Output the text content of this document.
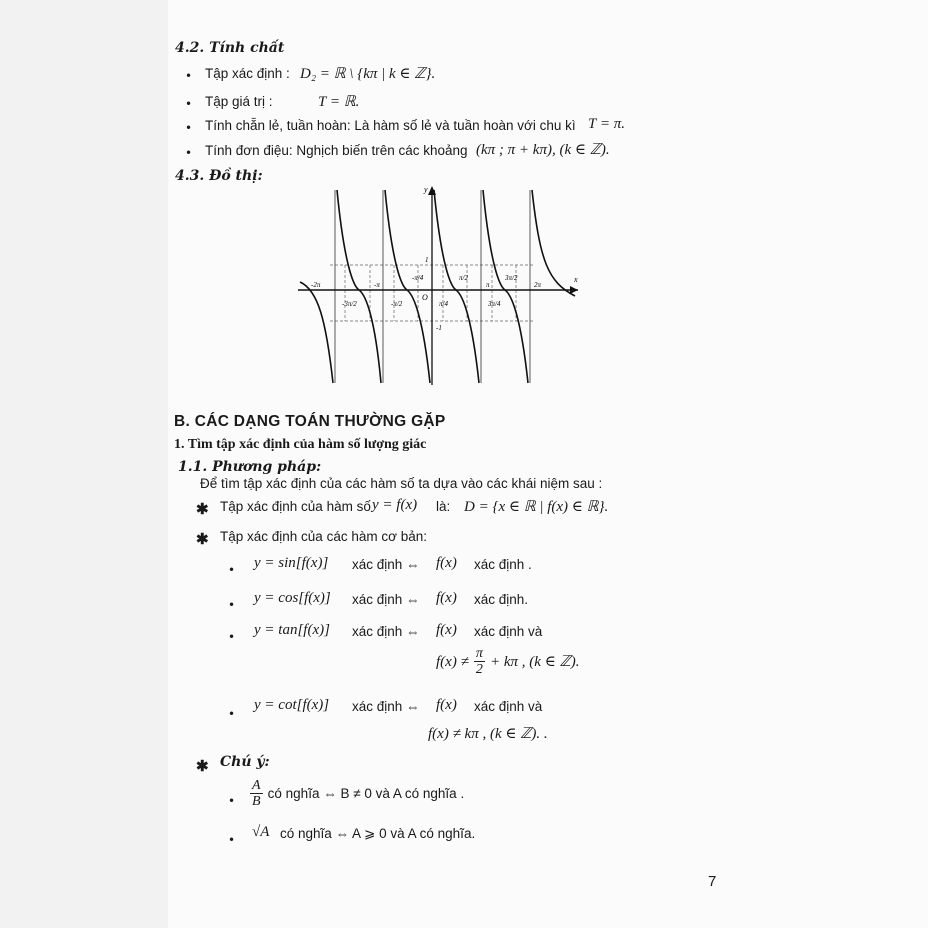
4.2. Tính chất
• Tập xác định : D₂ = ℝ \ {kπ | k ∈ ℤ}.
• Tập giá trị :	T = ℝ.
• Tính chẵn lẻ, tuần hoàn: Là hàm số lẻ và tuần hoàn với chu kì T = π.
• Tính đơn điệu: Nghịch biến trên các khoảng (kπ ; π + kπ), (k ∈ ℤ).
4.3. Đồ thị:
y
x
O
1
-1
-2π	-π
-π/4	π/2
π
3π/2
2π
-3π/2	-π/2	π/4	3π/4
B. CÁC DẠNG TOÁN THƯỜNG GẶP
1. Tìm tập xác định của hàm số lượng giác
1.1. Phương pháp:
Để tìm tập xác định của các hàm số ta dựa vào các khái niệm sau :
✱ Tập xác định của hàm số y = f(x) là: D = {x ∈ ℝ | f(x) ∈ ℝ}.
✱ Tập xác định của các hàm cơ bản:
• y = sin[f(x)] xác định ⇔ f(x) xác định .
• y = cos[f(x)] xác định ⇔ f(x) xác định.
• y = tan[f(x)] xác định ⇔ f(x) xác định và
$f(x) \ne \frac{\pi}{2} + k\pi$ , (k ∈ ℤ).
•
y = cot[f(x)] xác định ⇔ f(x) xác định và
f(x) ≠ kπ , (k ∈ ℤ). .
✱ Chú ý:
• $\frac{A}{B}$ có nghĩa ⇔ B ≠ 0 và A có nghĩa .
• √A có nghĩa ⇔ A ⩾ 0 và A có nghĩa.
7
